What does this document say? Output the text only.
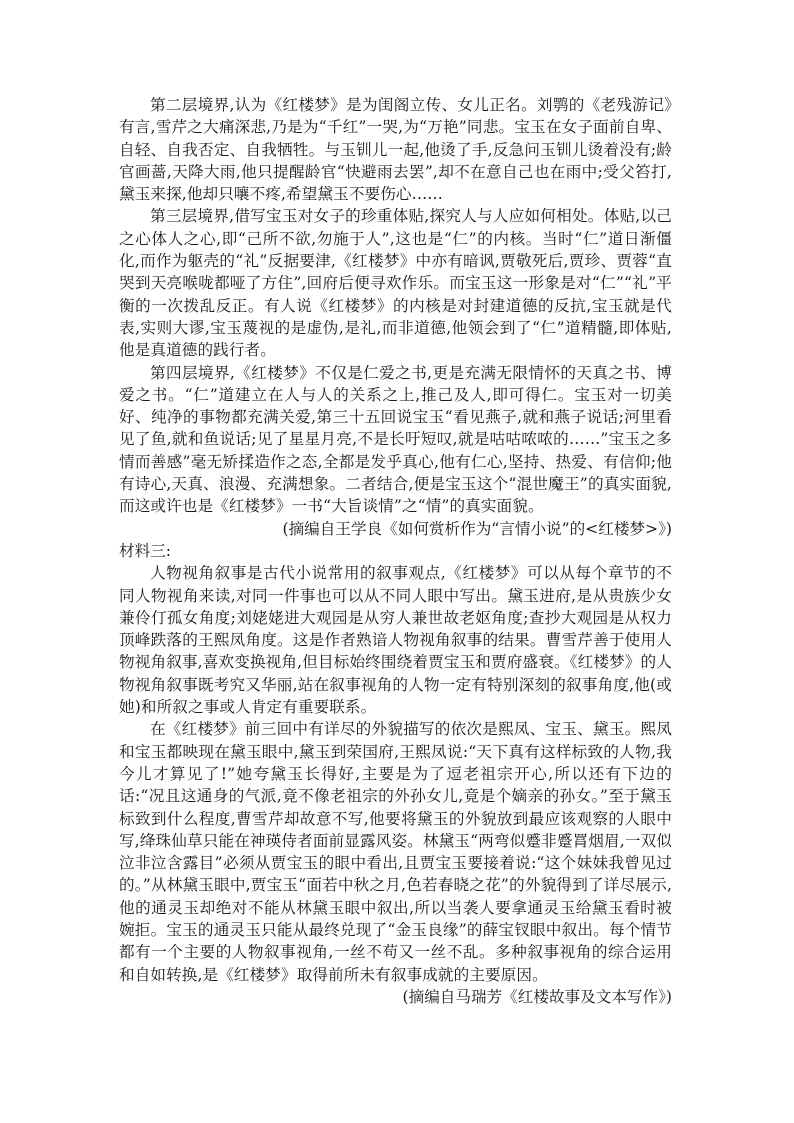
第二层境界,认为《红楼梦》是为闺阁立传、女儿正名。刘鹗的《老残游记》有言,雪芹之大痛深悲,乃是为“千红”一哭,为“万艳”同悲。宝玉在女子面前自卑、自轻、自我否定、自我牺牲。与玉钏儿一起,他烫了手,反急问玉钏儿烫着没有;龄官画蔷,天降大雨,他只提醒龄官“快避雨去罢”,却不在意自己也在雨中;受父笞打,黛玉来探,他却只嚷不疼,希望黛玉不要伤心……

第三层境界,借写宝玉对女子的珍重体贴,探究人与人应如何相处。体贴,以己之心体人之心,即“己所不欲,勿施于人”,这也是“仁”的内核。当时“仁”道日渐僵化,而作为躯壳的“礼”反据要津,《红楼梦》中亦有暗讽,贾敬死后,贾珍、贾蓉“直哭到天亮喉咙都哑了方住”,回府后便寻欢作乐。而宝玉这一形象是对“仁”“礼”平衡的一次拨乱反正。有人说《红楼梦》的内核是对封建道德的反抗,宝玉就是代表,实则大谬,宝玉蔑视的是虚伪,是礼,而非道德,他领会到了“仁”道精髓,即体贴,他是真道德的践行者。

第四层境界,《红楼梦》不仅是仁爱之书,更是充满无限情怀的天真之书、博爱之书。“仁”道建立在人与人的关系之上,推己及人,即可得仁。宝玉对一切美好、纯净的事物都充满关爱,第三十五回说宝玉“看见燕子,就和燕子说话;河里看见了鱼,就和鱼说话;见了星星月亮,不是长吁短叹,就是咕咕哝哝的……”宝玉之多情而善感”毫无矫揉造作之态,全都是发乎真心,他有仁心,坚持、热爱、有信仰;他有诗心,天真、浪漫、充满想象。二者结合,便是宝玉这个“混世魔王”的真实面貌,而这或许也是《红楼梦》一书“大旨谈情”之“情”的真实面貌。

(摘编自王学良《如何赏析作为“言情小说”的<红楼梦>》)

材料三:

人物视角叙事是古代小说常用的叙事观点,《红楼梦》可以从每个章节的不同人物视角来读,对同一件事也可以从不同人眼中写出。黛玉进府,是从贵族少女兼伶仃孤女角度;刘姥姥进大观园是从穷人兼世故老妪角度;查抄大观园是从权力顶峰跌落的王熙凤角度。这是作者熟谙人物视角叙事的结果。曹雪芹善于使用人物视角叙事,喜欢变换视角,但目标始终围绕着贾宝玉和贾府盛衰。《红楼梦》的人物视角叙事既考究又华丽,站在叙事视角的人物一定有特别深刻的叙事角度,他(或她)和所叙之事或人肯定有重要联系。

在《红楼梦》前三回中有详尽的外貌描写的依次是熙凤、宝玉、黛玉。熙凤和宝玉都映现在黛玉眼中,黛玉到荣国府,王熙凤说:“天下真有这样标致的人物,我今儿才算见了!”她夸黛玉长得好,主要是为了逗老祖宗开心,所以还有下边的话:“况且这通身的气派,竟不像老祖宗的外孙女儿,竟是个嫡亲的孙女。”至于黛玉标致到什么程度,曹雪芹却故意不写,他要将黛玉的外貌放到最应该观察的人眼中写,绛珠仙草只能在神瑛侍者面前显露风姿。林黛玉“两弯似蹙非蹙罥烟眉,一双似泣非泣含露目”必须从贾宝玉的眼中看出,且贾宝玉要接着说:“这个妹妹我曾见过的。”从林黛玉眼中,贾宝玉“面若中秋之月,色若春晓之花”的外貌得到了详尽展示,他的通灵玉却绝对不能从林黛玉眼中叙出,所以当袭人要拿通灵玉给黛玉看时被婉拒。宝玉的通灵玉只能从最终兑现了“金玉良缘”的薛宝钗眼中叙出。每个情节都有一个主要的人物叙事视角,一丝不苟又一丝不乱。多种叙事视角的综合运用和自如转换,是《红楼梦》取得前所未有叙事成就的主要原因。

(摘编自马瑞芳《红楼故事及文本写作》)
